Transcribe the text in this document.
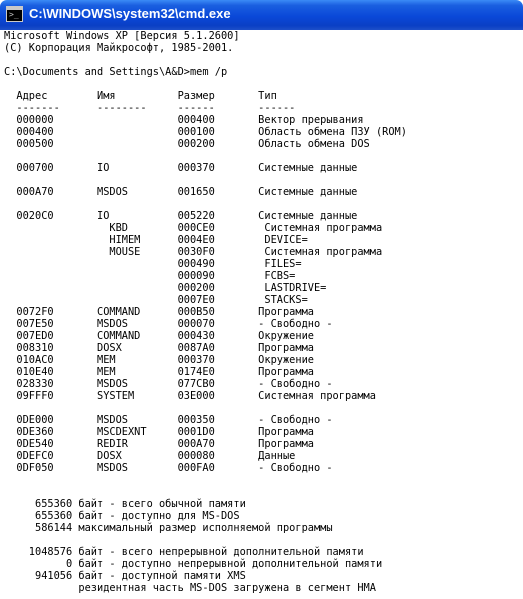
>_ C:\WINDOWS\system32\cmd.exe
Microsoft Windows XP [Версия 5.1.2600]
(С) Корпорация Майкрософт, 1985-2001.

C:\Documents and Settings\A&D>mem /p

Адрес        Имя          Размер       Тип
-------      --------     ------       ------
000000                    000400       Вектор прерывания
000400                    000100       Область обмена ПЗУ (ROM)
000500                    000200       Область обмена DOS

000700       IO           000370       Системные данные

000A70       MSDOS        001650       Системные данные

0020C0       IO           005220       Системные данные
KBD        000CE0        Системная программа
HIMEM      0004E0        DEVICE=
MOUSE      0030F0        Системная программа
000490        FILES=
000090        FCBS=
000200        LASTDRIVE=
0007E0        STACKS=
0072F0       COMMAND      000B50       Программа
007E50       MSDOS        000070       - Свободно -
007ED0       COMMAND      000430       Окружение
008310       DOSX         0087A0       Программа
010AC0       MEM          000370       Окружение
010E40       MEM          0174E0       Программа
028330       MSDOS        077CB0       - Свободно -
09FFF0       SYSTEM       03E000       Системная программа

0DE000       MSDOS        000350       - Свободно -
0DE360       MSCDEXNT     0001D0       Программа
0DE540       REDIR        000A70       Программа
0DEFC0       DOSX         000080       Данные
0DF050       MSDOS        000FA0       - Свободно -

655360 байт - всего обычной памяти
655360 байт - доступно для MS-DOS
586144 максимальный размер исполняемой программы

1048576 байт - всего непрерывной дополнительной памяти
0 байт - доступно непрерывной дополнительной памяти
941056 байт - доступной памяти XMS
резидентная часть MS-DOS загружена в сегмент HMA
